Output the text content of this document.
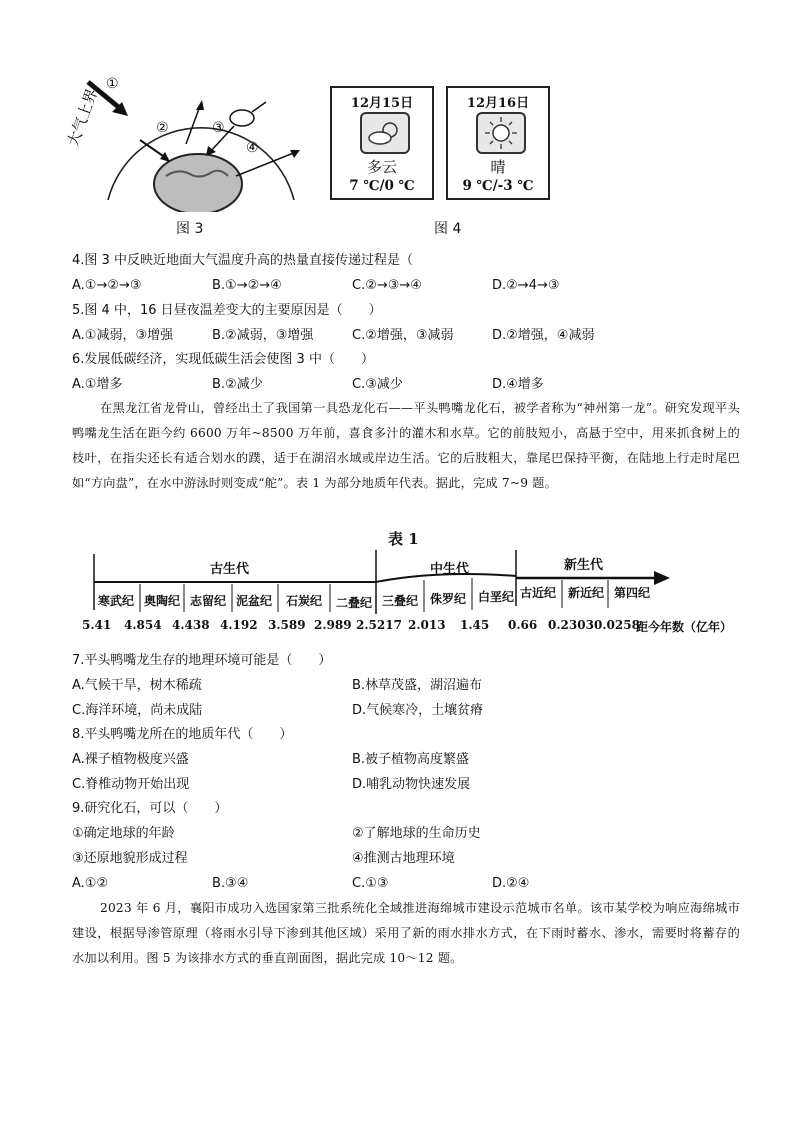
①
②	③
④
大气上界
图 3
12月15日
多云
7 ℃/0 ℃
12月16日
晴
9 ℃/-3 ℃
图 4
4.图 3 中反映近地面大气温度升高的热量直接传递过程是（
A.①→②→③	B.①→②→④	C.②→③→④	D.②→4→③
5.图 4 中，16 日昼夜温差变大的主要原因是（　　）
A.①减弱，③增强	B.②减弱，③增强	C.②增强，③减弱	D.②增强，④减弱
6.发展低碳经济，实现低碳生活会使图 3 中（　　）
A.①增多	B.②减少	C.③减少	D.④增多

在黑龙江省龙骨山，曾经出土了我国第一具恐龙化石——平头鸭嘴龙化石，被学者称为“神州第一龙”。研究发现平头鸭嘴龙生活在距今约 6600 万年~8500 万年前，喜食多汁的灌木和水草。它的前肢短小，高悬于空中，用来抓食树上的枝叶，在指尖还长有适合划水的蹼，适于在湖沼水域或岸边生活。它的后肢粗大，靠尾巴保持平衡，在陆地上行走时尾巴如“方向盘”，在水中游泳时则变成“舵”。表 1 为部分地质年代表。据此，完成 7~9 题。

表 1
古生代	中生代	新生代
寒武纪 奥陶纪 志留纪 泥盆纪 石炭纪 二叠纪 三叠纪 侏罗纪 白垩纪 古近纪 新近纪 第四纪
5.41 4.854 4.438 4.192 3.589 2.989 2.5217 2.013 1.45 0.66 0.2303 0.0258
距今年数（亿年）
7.平头鸭嘴龙生存的地理环境可能是（　　）
A.气候干旱，树木稀疏	B.林草茂盛，湖沼遍布
C.海洋环境，尚未成陆	D.气候寒冷，土壤贫瘠
8.平头鸭嘴龙所在的地质年代（　　）
A.裸子植物极度兴盛	B.被子植物高度繁盛
C.脊椎动物开始出现	D.哺乳动物快速发展
9.研究化石，可以（　　）
①确定地球的年龄	②了解地球的生命历史
③还原地貌形成过程	④推测古地理环境
A.①②	B.③④	C.①③	D.②④

2023 年 6 月，襄阳市成功入选国家第三批系统化全域推进海绵城市建设示范城市名单。该市某学校为响应海绵城市建设，根据导渗管原理（将雨水引导下渗到其他区域）采用了新的雨水排水方式，在下雨时蓄水、渗水，需要时将蓄存的水加以利用。图 5 为该排水方式的垂直剖面图，据此完成 10～12 题。
